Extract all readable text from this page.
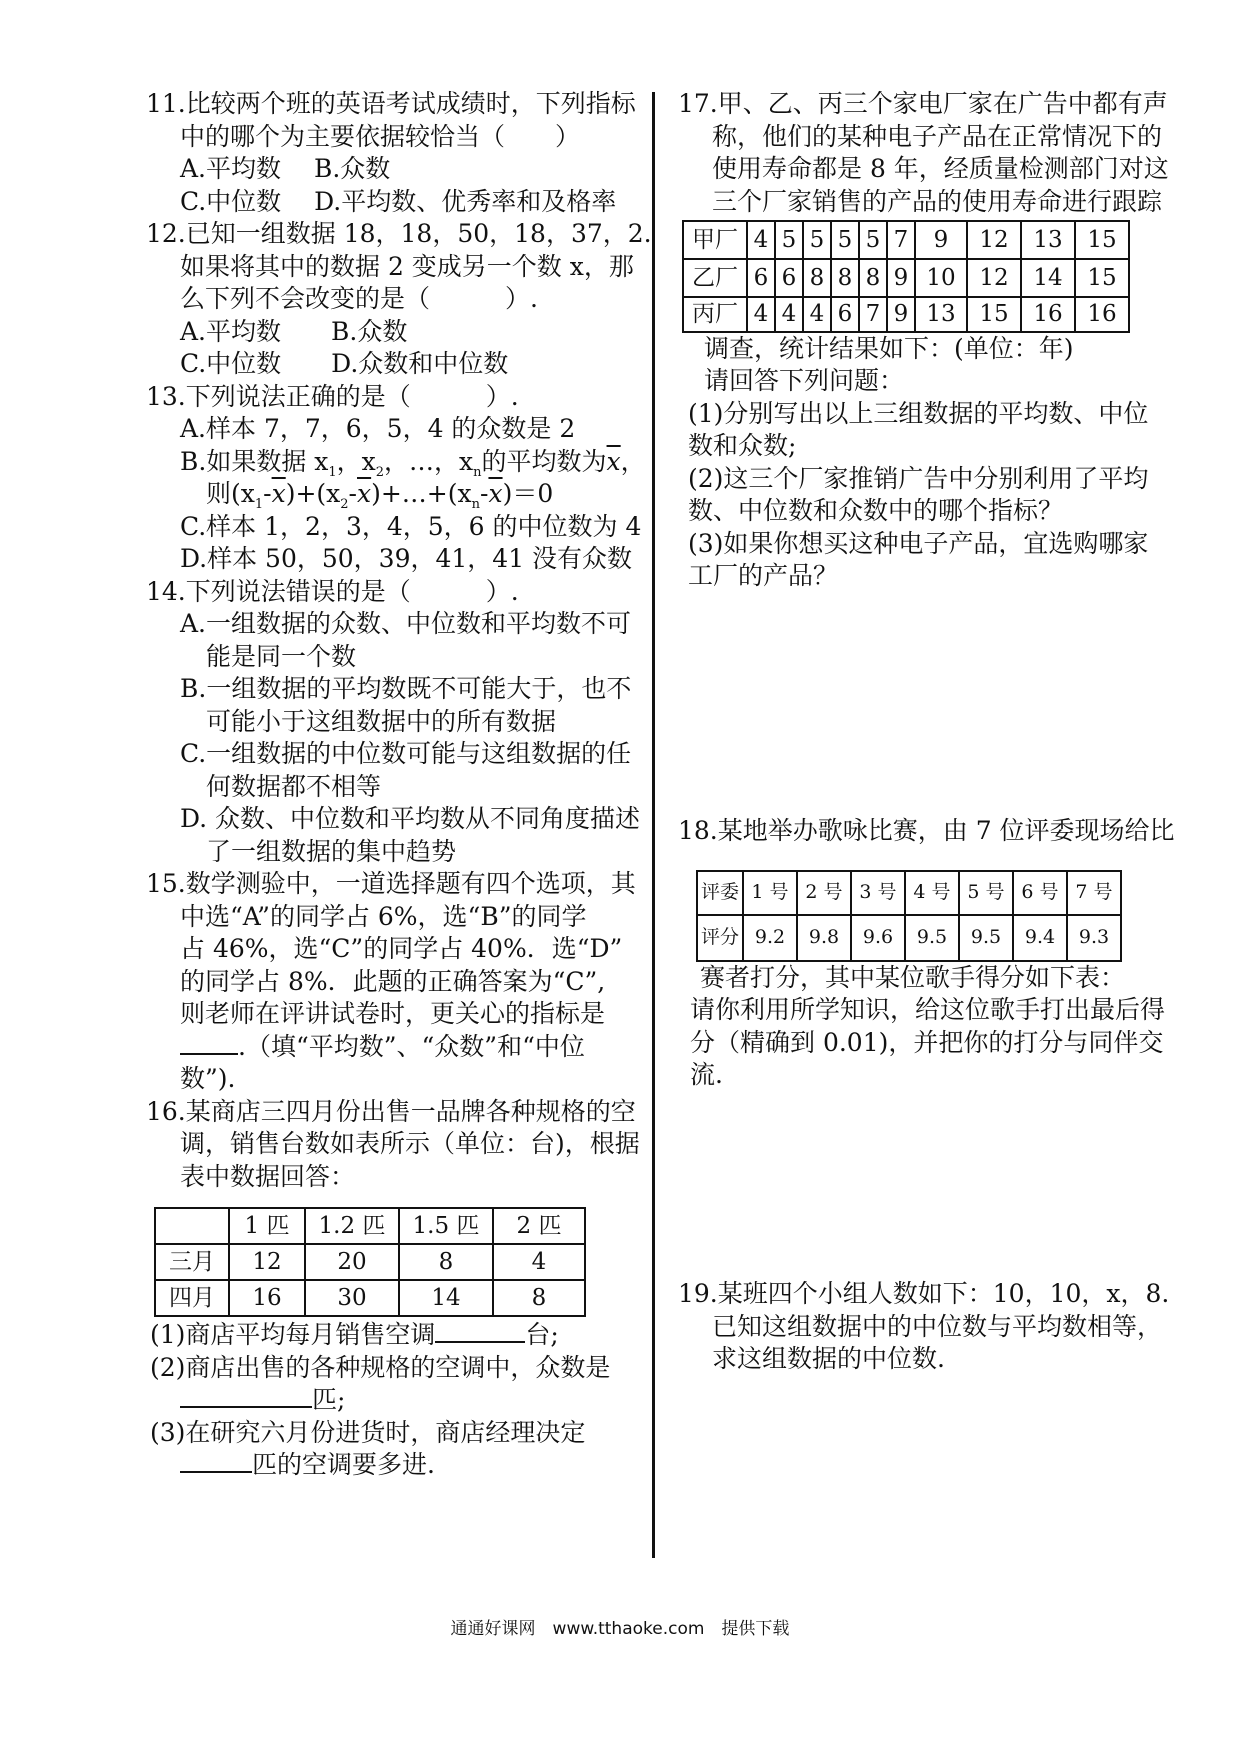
11.比较两个班的英语考试成绩时，下列指标
中的哪个为主要依据较恰当（　　）
A.平均数　 B.众数
C.中位数　 D.平均数、优秀率和及格率
12.已知一组数据 18，18，50，18，37，2.
如果将其中的数据 2 变成另一个数 x，那
么下列不会改变的是（　　　）.
A.平均数　　B.众数
C.中位数　　D.众数和中位数
13.下列说法正确的是（　　　）.
A.样本 7，7，6，5，4 的众数是 2
B.如果数据 $x_1$，$x_2$，…，$x_n$的平均数为$\overline{x}$，
则$(x_1-\overline{x})+(x_2-\overline{x})+\dots+(x_n-\overline{x})=0$
C.样本 1，2，3，4，5，6 的中位数为 4
D.样本 50，50，39，41，41 没有众数
14.下列说法错误的是（　　　）.
A.一组数据的众数、中位数和平均数不可
能是同一个数
B.一组数据的平均数既不可能大于，也不
可能小于这组数据中的所有数据
C.一组数据的中位数可能与这组数据的任
何数据都不相等
D. 众数、中位数和平均数从不同角度描述
了一组数据的集中趋势
15.数学测验中，一道选择题有四个选项，其
中选“A”的同学占 6%，选“B”的同学
占 46%，选“C”的同学占 40%．选“D”
的同学占 8%．此题的正确答案为“C”,
则老师在评讲试卷时，更关心的指标是
.（填“平均数”、“众数”和“中位
数”).
16.某商店三四月份出售一品牌各种规格的空
调，销售台数如表所示（单位：台)，根据
表中数据回答：
	1 匹	1.2 匹	1.5 匹	2 匹
三月	12	20	8	4
四月	16	30	14	8
(1)商店平均每月销售空调	台;
(2)商店出售的各种规格的空调中，众数是
匹;
(3)在研究六月份进货时，商店经理决定
匹的空调要多进.
17.甲、乙、丙三个家电厂家在广告中都有声
称，他们的某种电子产品在正常情况下的
使用寿命都是 8 年，经质量检测部门对这
三个厂家销售的产品的使用寿命进行跟踪
甲厂	4	5	5	5	5	7	9	12	13	15
乙厂	6	6	8	8	8	9	10	12	14	15
丙厂	4	4	4	6	7	9	13	15	16	16
调查，统计结果如下：(单位：年)
请回答下列问题：
(1)分别写出以上三组数据的平均数、中位
数和众数;
(2)这三个厂家推销广告中分别利用了平均
数、中位数和众数中的哪个指标？
(3)如果你想买这种电子产品，宜选购哪家
工厂的产品？
18.某地举办歌咏比赛，由 7 位评委现场给比
评委	1 号	2 号	3 号	4 号	5 号	6 号	7 号
评分	9.2	9.8	9.6	9.5	9.5	9.4	9.3
赛者打分，其中某位歌手得分如下表：
请你利用所学知识，给这位歌手打出最后得
分（精确到 0.01)，并把你的打分与同伴交
流.
19.某班四个小组人数如下：10，10，x，8.
已知这组数据中的中位数与平均数相等，
求这组数据的中位数.
通通好课网　www.tthaoke.com　提供下载
